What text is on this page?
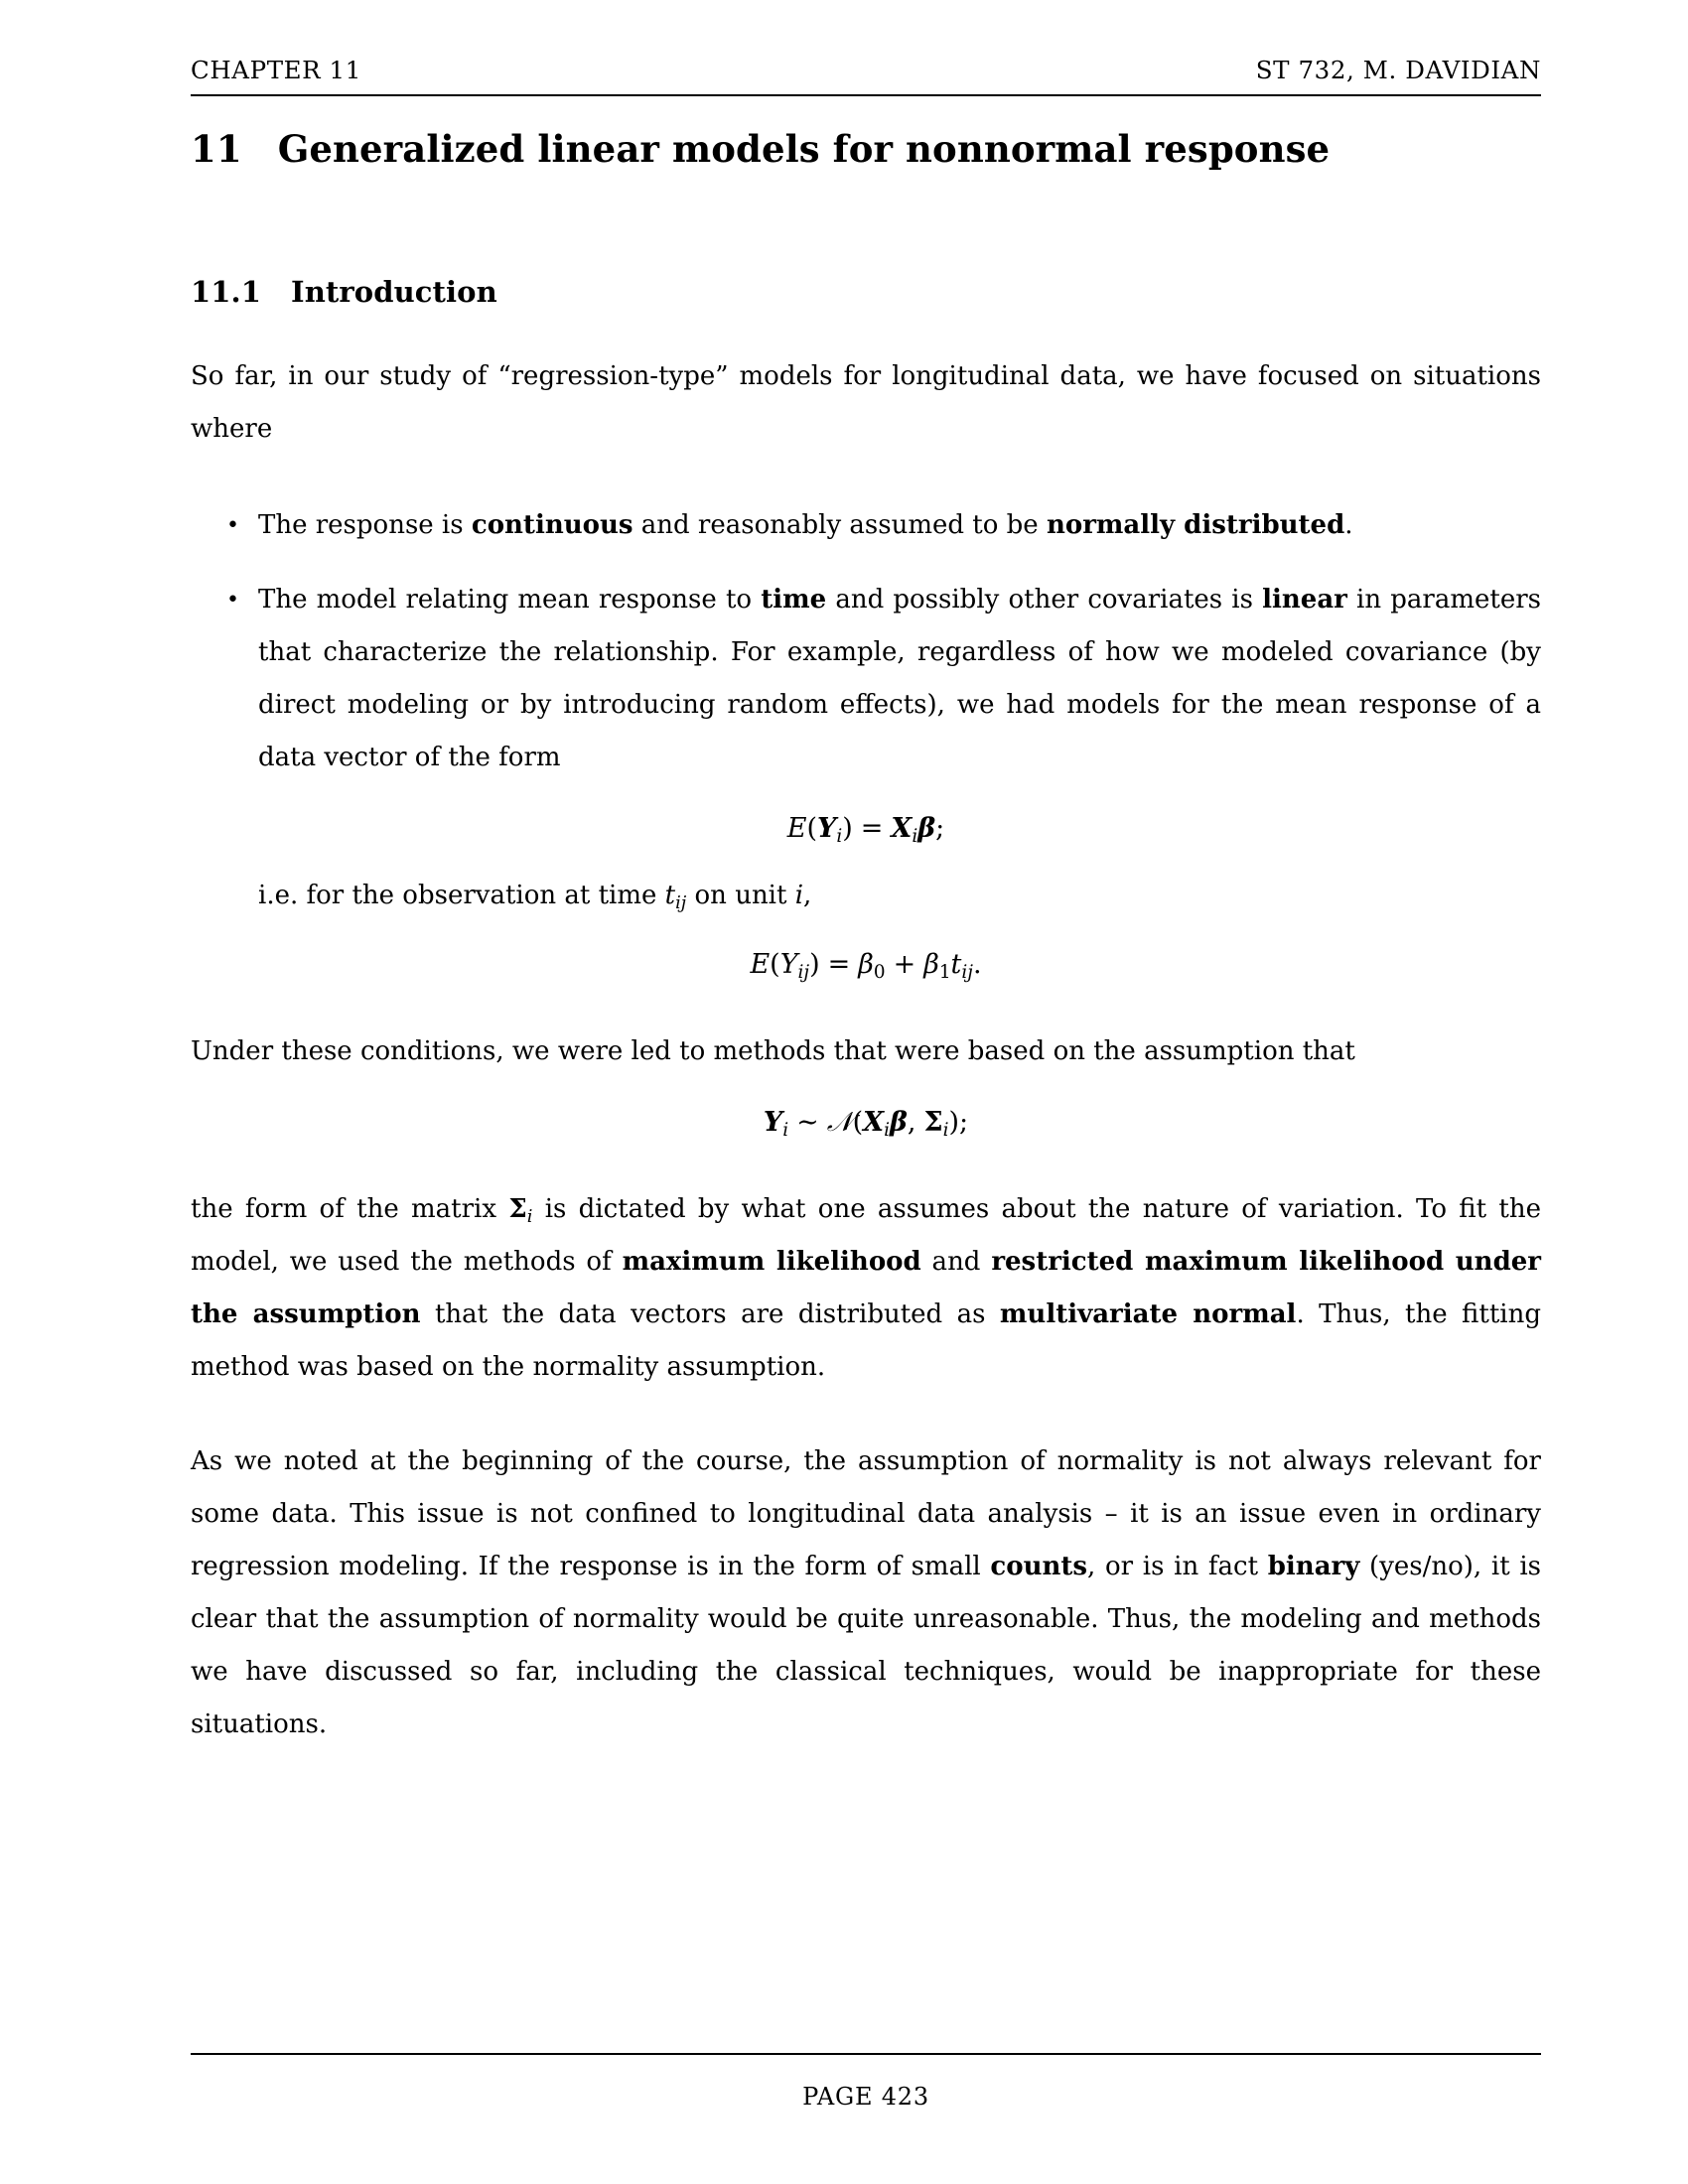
CHAPTER 11	ST 732, M. DAVIDIAN
11 Generalized linear models for nonnormal response
11.1 Introduction

So far, in our study of “regression-type” models for longitudinal data, we have focused on situations where

• The response is continuous and reasonably assumed to be normally distributed.
• The model relating mean response to time and possibly other covariates is linear in parameters that characterize the relationship. For example, regardless of how we modeled covariance (by direct modeling or by introducing random effects), we had models for the mean response of a data vector of the form
$E(Y_i) = X_i\beta$;

i.e. for the observation at time $t_{ij}$ on unit i,

$E(Y_{ij}) = \beta_0 + \beta_1t_{ij}$.

Under these conditions, we were led to methods that were based on the assumption that

$Y_i$ ∼ $𝒩(X_i\beta$, $\Sigma_i$);

the form of the matrix $\Sigma_i$ is dictated by what one assumes about the nature of variation. To fit the model, we used the methods of maximum likelihood and restricted maximum likelihood under the assumption that the data vectors are distributed as multivariate normal. Thus, the fitting method was based on the normality assumption.

As we noted at the beginning of the course, the assumption of normality is not always relevant for some data. This issue is not confined to longitudinal data analysis – it is an issue even in ordinary regression modeling. If the response is in the form of small counts, or is in fact binary (yes/no), it is clear that the assumption of normality would be quite unreasonable. Thus, the modeling and methods we have discussed so far, including the classical techniques, would be inappropriate for these situations.

PAGE 423
